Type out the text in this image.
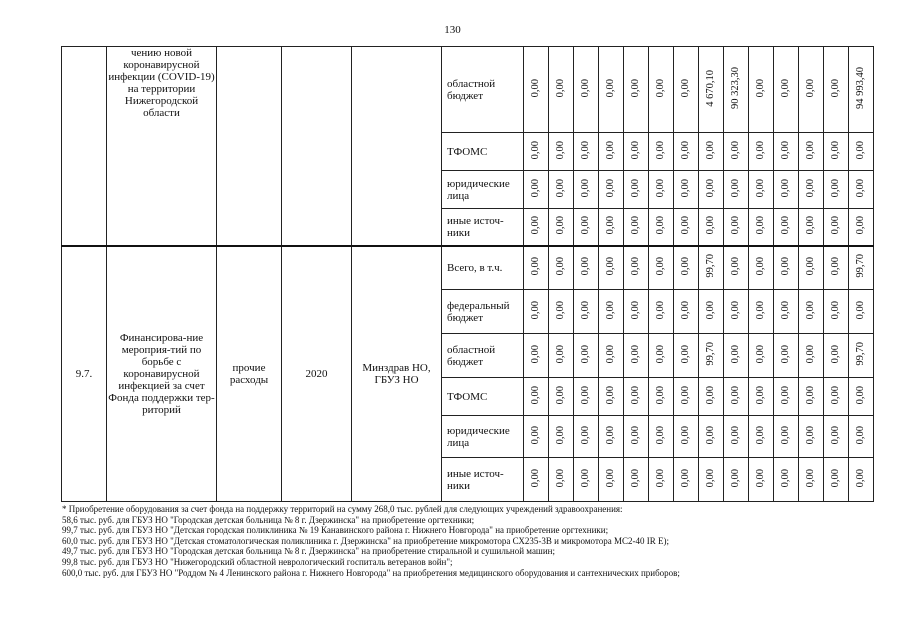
130
	чению новой коронавирусной инфекции (COVID-19) на территории Нижегородской области				областной бюджет	0,00	0,00	0,00	0,00	0,00	0,00	0,00	4 670,10	90 323,30	0,00	0,00	0,00	0,00	94 993,40
					ТФОМС	0,00	0,00	0,00	0,00	0,00	0,00	0,00	0,00	0,00	0,00	0,00	0,00	0,00	0,00
					юридические лица	0,00	0,00	0,00	0,00	0,00	0,00	0,00	0,00	0,00	0,00	0,00	0,00	0,00	0,00
					иные источ-ники	0,00	0,00	0,00	0,00	0,00	0,00	0,00	0,00	0,00	0,00	0,00	0,00	0,00	0,00
9.7.	Финансирова-ние мероприя-тий по борьбе с коронавирусной инфекцией за счет Фонда поддержки тер-риторий	прочие расходы	2020	Минздрав НО, ГБУЗ НО	Всего, в т.ч.	0,00	0,00	0,00	0,00	0,00	0,00	0,00	99,70	0,00	0,00	0,00	0,00	0,00	99,70
					федеральный бюджет	0,00	0,00	0,00	0,00	0,00	0,00	0,00	0,00	0,00	0,00	0,00	0,00	0,00	0,00
					областной бюджет	0,00	0,00	0,00	0,00	0,00	0,00	0,00	99,70	0,00	0,00	0,00	0,00	0,00	99,70
					ТФОМС	0,00	0,00	0,00	0,00	0,00	0,00	0,00	0,00	0,00	0,00	0,00	0,00	0,00	0,00
					юридические лица	0,00	0,00	0,00	0,00	0,00	0,00	0,00	0,00	0,00	0,00	0,00	0,00	0,00	0,00
					иные источ-ники	0,00	0,00	0,00	0,00	0,00	0,00	0,00	0,00	0,00	0,00	0,00	0,00	0,00	0,00
* Приобретение оборудования за счет фонда на поддержку территорий на сумму 268,0 тыс. рублей для следующих учреждений здравоохранения:
58,6 тыс. руб. для ГБУЗ НО "Городская детская больница № 8 г. Дзержинска" на приобретение оргтехники;
99,7 тыс. руб. для ГБУЗ НО "Детская городская поликлиника № 19 Канавинского района г. Нижнего Новгорода" на приобретение оргтехники;
60,0 тыс. руб. для ГБУЗ НО "Детская стоматологическая поликлиника г. Дзержинска" на приобретение микромотора СХ235-3В и микромотора МС2-40 IR E);
49,7 тыс. руб. для ГБУЗ НО "Городская детская больница № 8 г. Дзержинска" на приобретение стиральной и сушильной машин;
99,8 тыс. руб. для ГБУЗ НО "Нижегородский областной неврологический госпиталь ветеранов войн";
600,0 тыс. руб. для ГБУЗ НО "Роддом № 4 Ленинского района г. Нижнего Новгорода" на приобретения медицинского оборудования и сантехнических приборов;
